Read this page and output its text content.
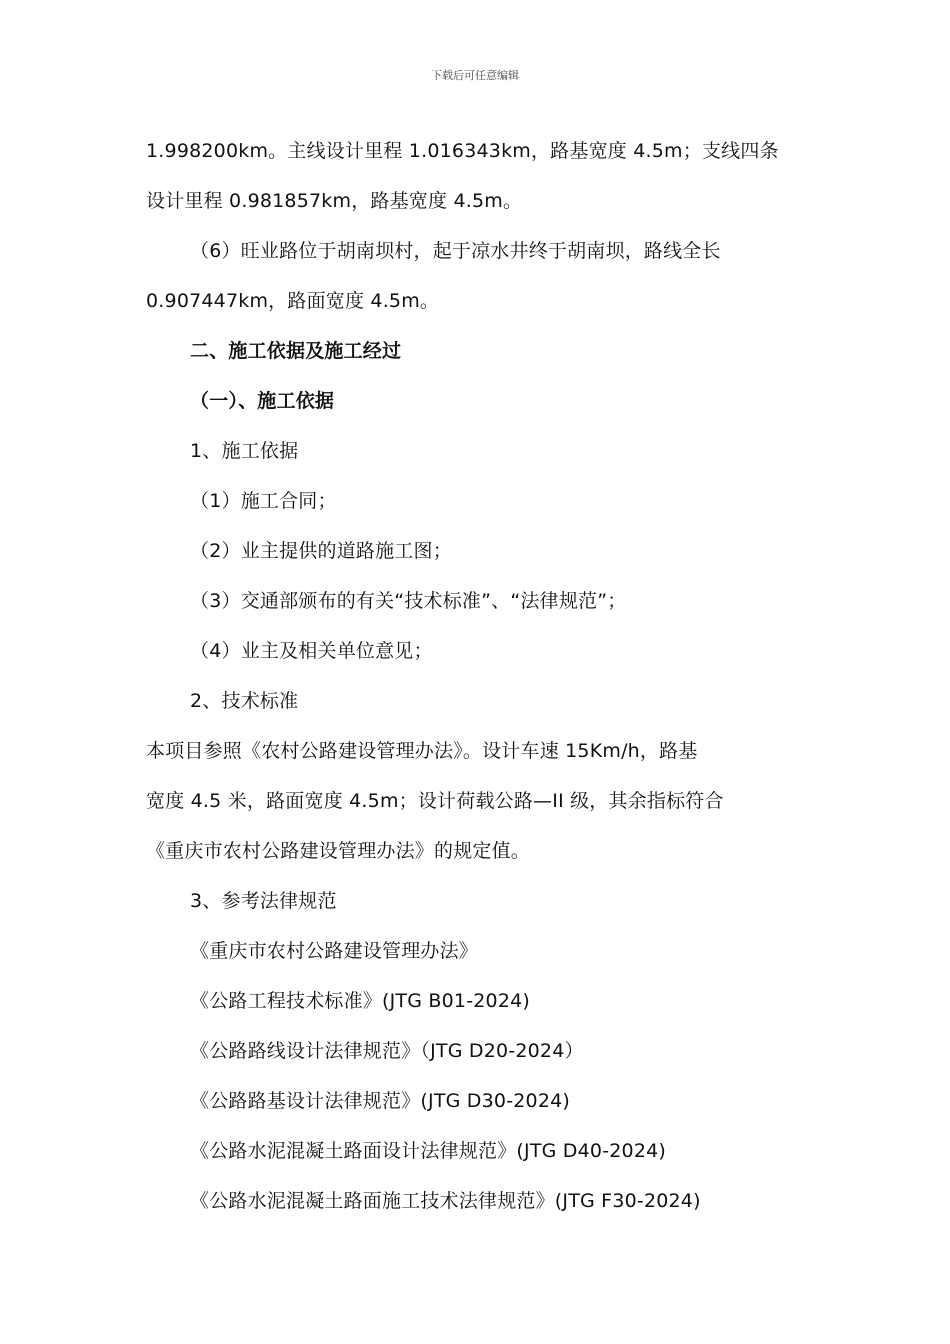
下载后可任意编辑
1.998200km。主线设计里程 1.016343km，路基宽度 4.5m；支线四条
设计里程 0.981857km，路基宽度 4.5m。
（6）旺业路位于胡南坝村，起于凉水井终于胡南坝，路线全长
0.907447km，路面宽度 4.5m。
二、施工依据及施工经过
（一）、施工依据
1、施工依据
（1）施工合同；
（2）业主提供的道路施工图；
（3）交通部颁布的有关“技术标准”、“法律规范”；
（4）业主及相关单位意见；
2、技术标准
本项目参照《农村公路建设管理办法》。设计车速 15Km/h，路基
宽度 4.5 米，路面宽度 4.5m；设计荷载公路—II 级，其余指标符合
《重庆市农村公路建设管理办法》的规定值。
3、参考法律规范
《重庆市农村公路建设管理办法》
《公路工程技术标准》(JTG B01-2024)
《公路路线设计法律规范》（JTG D20-2024）
《公路路基设计法律规范》(JTG D30-2024)
《公路水泥混凝土路面设计法律规范》(JTG D40-2024)
《公路水泥混凝土路面施工技术法律规范》(JTG F30-2024)
